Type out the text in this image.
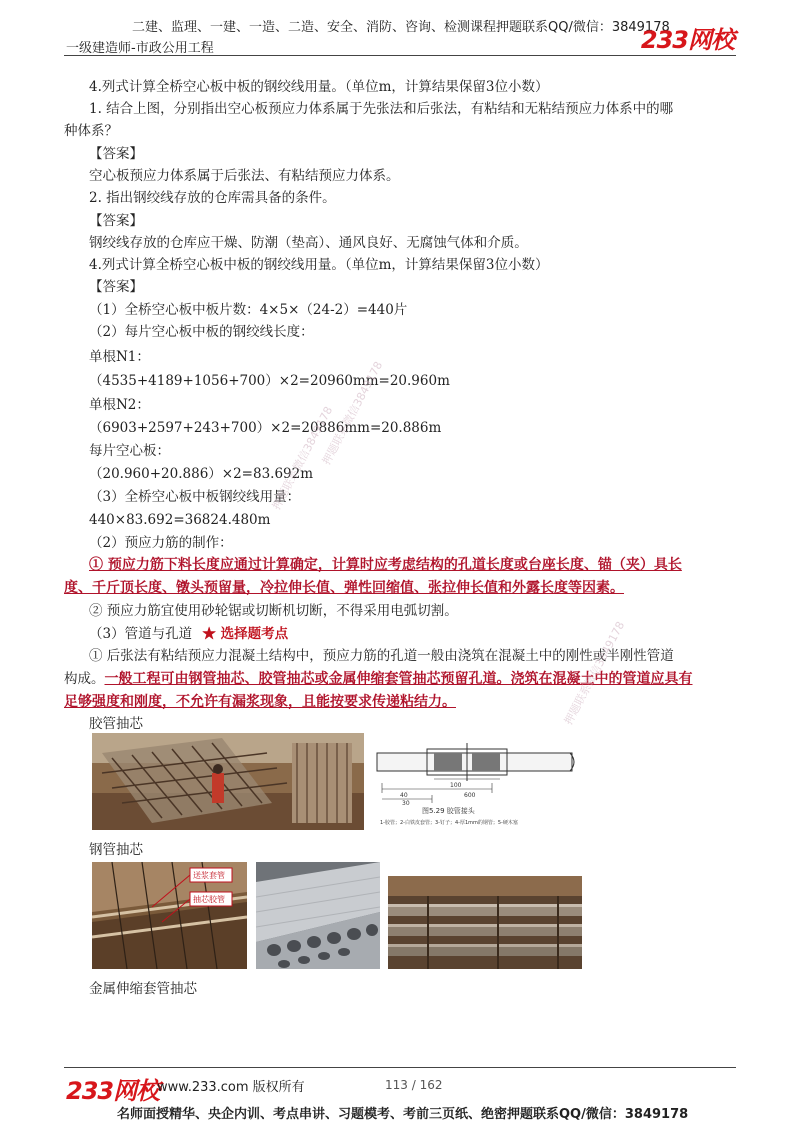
二建、监理、一建、一造、二造、安全、消防、咨询、检测课程押题联系QQ/微信：3849178
一级建造师-市政公用工程	233网校
4.列式计算全桥空心板中板的钢绞线用量。（单位m，计算结果保留3位小数）
1. 结合上图，分别指出空心板预应力体系属于先张法和后张法，有粘结和无粘结预应力体系中的哪
种体系？
【答案】
空心板预应力体系属于后张法、有粘结预应力体系。
2. 指出钢绞线存放的仓库需具备的条件。
【答案】
钢绞线存放的仓库应干燥、防潮（垫高）、通风良好、无腐蚀气体和介质。
4.列式计算全桥空心板中板的钢绞线用量。（单位m，计算结果保留3位小数）
【答案】
（1）全桥空心板中板片数：4×5×（24-2）=440片
（2）每片空心板中板的钢绞线长度：
单根N1：
（4535+4189+1056+700）×2=20960mm=20.960m
单根N2：
（6903+2597+243+700）×2=20886mm=20.886m
每片空心板：
（20.960+20.886）×2=83.692m
（3）全桥空心板中板钢绞线用量：
440×83.692=36824.480m
（2）预应力筋的制作：
① 预应力筋下料长度应通过计算确定，计算时应考虑结构的孔道长度或台座长度、锚（夹）具长
度、千斤顶长度、镦头预留量，冷拉伸长值、弹性回缩值、张拉伸长值和外露长度等因素。
② 预应力筋宜使用砂轮锯或切断机切断，不得采用电弧切割。
（3）管道与孔道 ★ 选择题考点
① 后张法有粘结预应力混凝土结构中，预应力筋的孔道一般由浇筑在混凝土中的刚性或半刚性管道
构成。一般工程可由钢管抽芯、胶管抽芯或金属伸缩套管抽芯预留孔道。浇筑在混凝土中的管道应具有
足够强度和刚度，不允许有漏浆现象，且能按要求传递粘结力。
押题联系微信3849178
押题联系微信3849178
押题联系微信3849178
胶管抽芯
100
40	600
30
图5.29 胶管接头
1-胶管；2-白铁皮套管；3-钉子；4-厚1mm的钢管；5-硬木塞
钢管抽芯
送浆套管
抽芯胶管
金属伸缩套管抽芯
233网校
www.233.com 版权所有	113 / 162
名师面授精华、央企内训、考点串讲、习题模考、考前三页纸、绝密押题联系QQ/微信：3849178
